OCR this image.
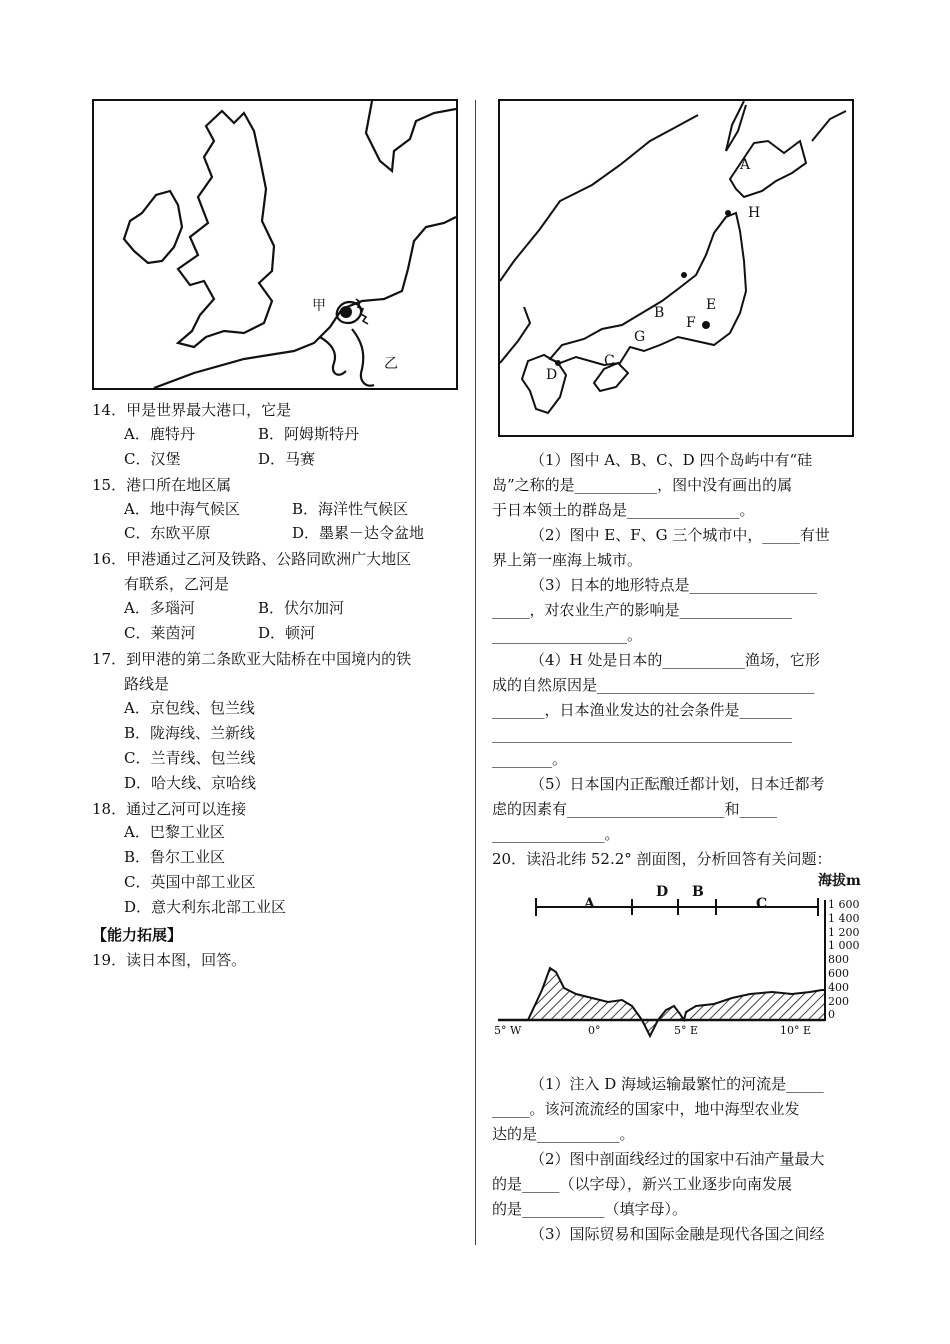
甲
乙
A
B
C
D
E
F
G
H
14．甲是世界最大港口，它是
A．鹿特丹	B．阿姆斯特丹
C．汉堡	D．马赛
15．港口所在地区属
A．地中海气候区	B．海洋性气候区
C．东欧平原	D．墨累－达令盆地
16．甲港通过乙河及铁路、公路同欧洲广大地区
有联系，乙河是
A．多瑙河	B．伏尔加河
C．莱茵河	D．顿河
17．到甲港的第二条欧亚大陆桥在中国境内的铁
路线是
A．京包线、包兰线
B．陇海线、兰新线
C．兰青线、包兰线
D．哈大线、京哈线
18．通过乙河可以连接
A．巴黎工业区
B．鲁尔工业区
C．英国中部工业区
D．意大利东北部工业区
【能力拓展】
19．读日本图，回答。
（1）图中 A、B、C、D 四个岛屿中有“硅
岛”之称的是___________，图中没有画出的属
于日本领土的群岛是_______________。
（2）图中 E、F、G 三个城市中，_____有世
界上第一座海上城市。
（3）日本的地形特点是_________________
_____，对农业生产的影响是_______________
__________________。
（4）H 处是日本的___________渔场，它形
成的自然原因是_____________________________
_______，日本渔业发达的社会条件是_______
________________________________________
________。
（5）日本国内正酝酿迁都计划，日本迁都考
虑的因素有_____________________和_____
_______________。
20．读沿北纬 52.2° 剖面图，分析回答有关问题：
海拔m
A
D B
C	1 600
1 400
1 200
1 000
800
600
400
200
0
5° W	0°	5° E	10° E
（1）注入 D 海域运输最繁忙的河流是_____
_____。该河流流经的国家中，地中海型农业发
达的是___________。
（2）图中剖面线经过的国家中石油产量最大
的是_____（以字母），新兴工业逐步向南发展
的是___________（填字母）。
（3）国际贸易和国际金融是现代各国之间经
